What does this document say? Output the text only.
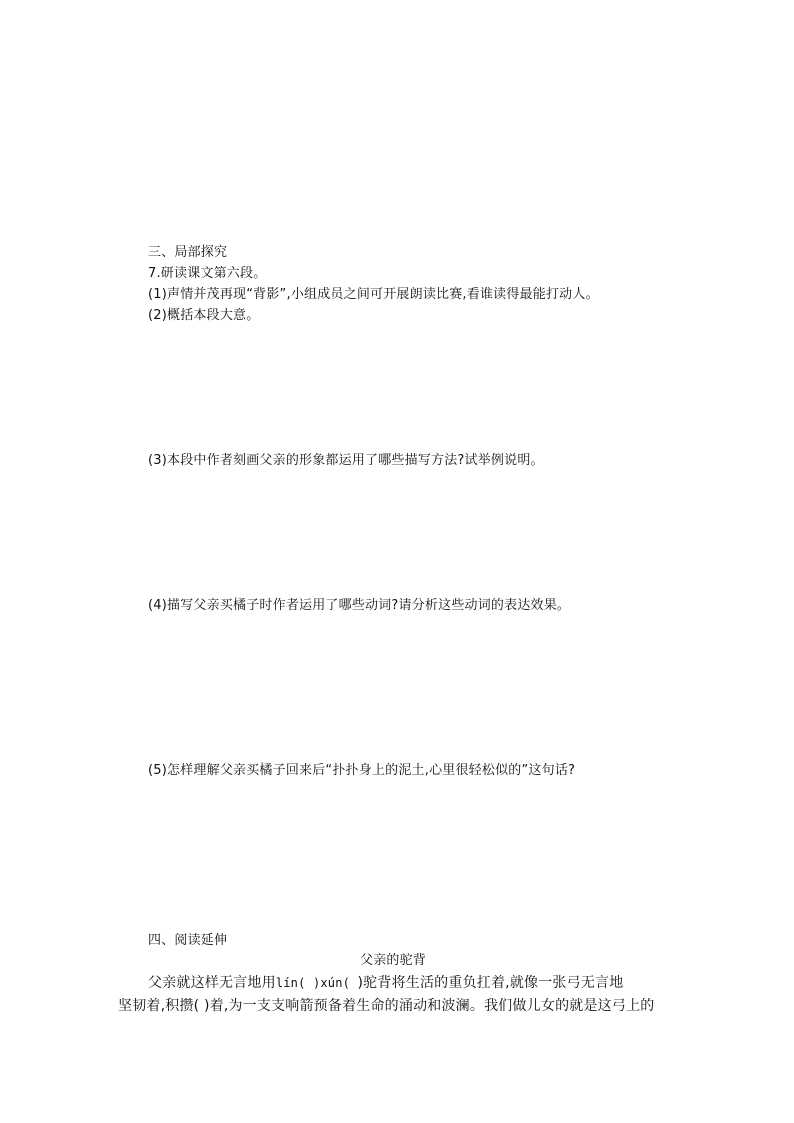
三、局部探究
7.研读课文第六段。
(1)声情并茂再现“背影”,小组成员之间可开展朗读比赛,看谁读得最能打动人。
(2)概括本段大意。
(3)本段中作者刻画父亲的形象都运用了哪些描写方法?试举例说明。
(4)描写父亲买橘子时作者运用了哪些动词?请分析这些动词的表达效果。
(5)怎样理解父亲买橘子回来后“扑扑身上的泥土,心里很轻松似的”这句话?
四、阅读延伸
父亲的驼背
父亲就这样无言地用lín( )xún( )驼背将生活的重负扛着,就像一张弓无言地
坚韧着,积攒( )着,为一支支响箭预备着生命的涌动和波澜。我们做儿女的就是这弓上的
